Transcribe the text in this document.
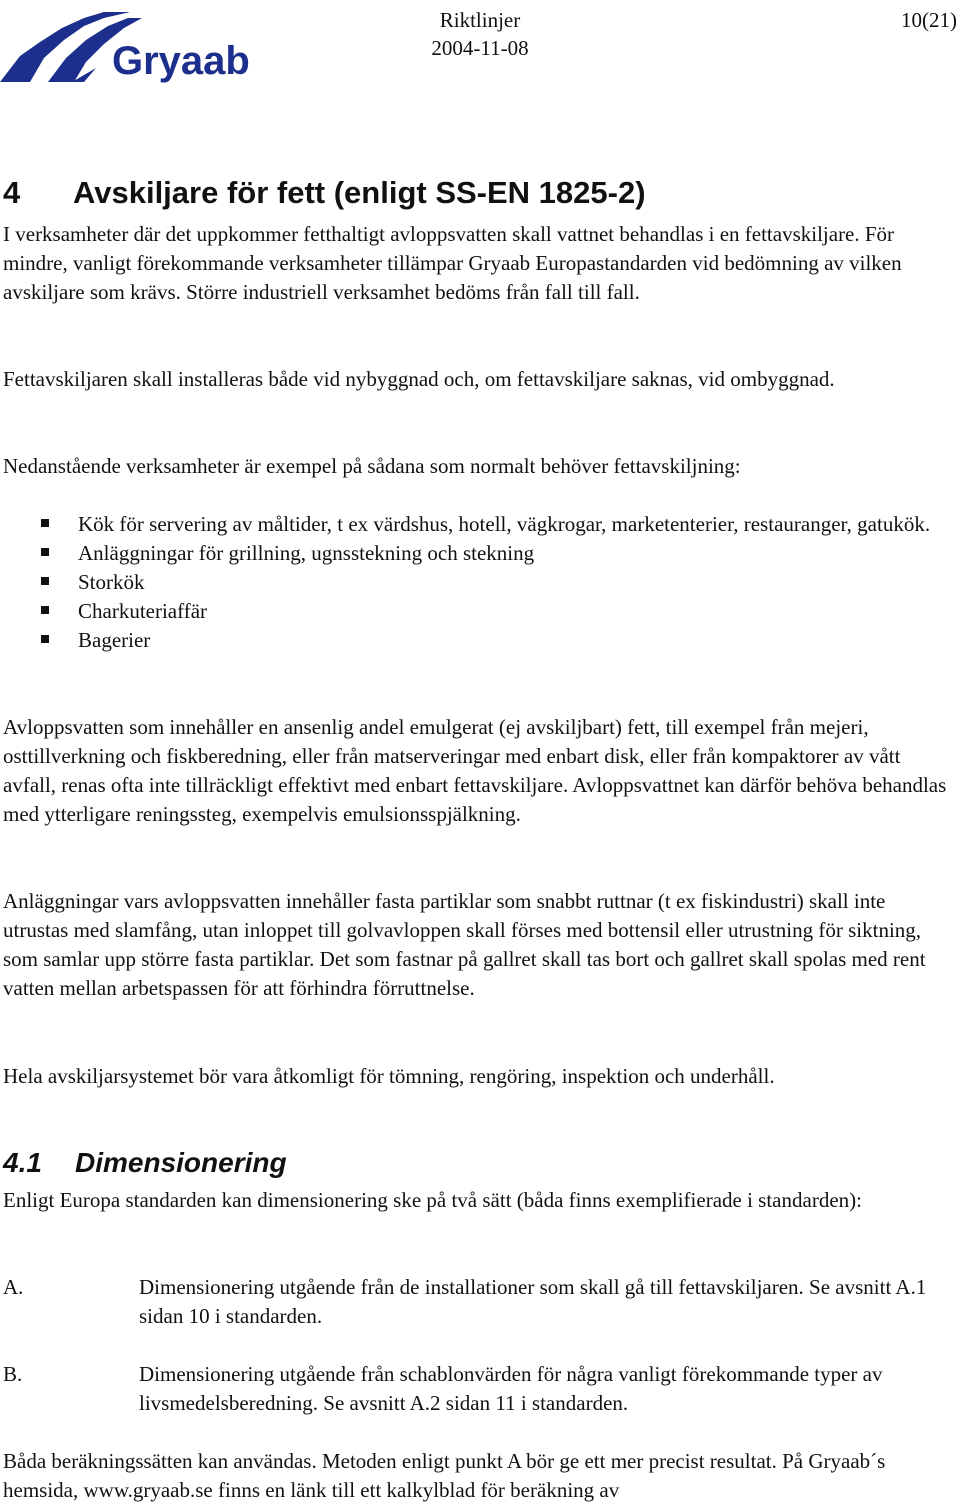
Gryaab
Riktlinjer
2004-11-08
10(21)
4 Avskiljare för fett (enligt SS-EN 1825-2)

I verksamheter där det uppkommer fetthaltigt avloppsvatten skall vattnet behandlas i en fettavskiljare. För mindre, vanligt förekommande verksamheter tillämpar Gryaab Europastandarden vid bedömning av vilken avskiljare som krävs. Större industriell verksamhet bedöms från fall till fall.

Fettavskiljaren skall installeras både vid nybyggnad och, om fettavskiljare saknas, vid ombyggnad.

Nedanstående verksamheter är exempel på sådana som normalt behöver fettavskiljning:

Kök för servering av måltider, t ex värdshus, hotell, vägkrogar, marketenterier, restauranger, gatukök.
Anläggningar för grillning, ugnsstekning och stekning
Storkök
Charkuteriaffär
Bagerier

Avloppsvatten som innehåller en ansenlig andel emulgerat (ej avskiljbart) fett, till exempel från mejeri, osttillverkning och fiskberedning, eller från matserveringar med enbart disk, eller från kompaktorer av vått avfall, renas ofta inte tillräckligt effektivt med enbart fettavskiljare. Avloppsvattnet kan därför behöva behandlas med ytterligare reningssteg, exempelvis emulsionsspjälkning.

Anläggningar vars avloppsvatten innehåller fasta partiklar som snabbt ruttnar (t ex fiskindustri) skall inte utrustas med slamfång, utan inloppet till golvavloppen skall förses med bottensil eller utrustning för siktning, som samlar upp större fasta partiklar. Det som fastnar på gallret skall tas bort och gallret skall spolas med rent vatten mellan arbetspassen för att förhindra förruttnelse.

Hela avskiljarsystemet bör vara åtkomligt för tömning, rengöring, inspektion och underhåll.

4.1 Dimensionering

Enligt Europa standarden kan dimensionering ske på två sätt (båda finns exemplifierade i standarden):

A.	Dimensionering utgående från de installationer som skall gå till fettavskiljaren. Se avsnitt A.1 sidan 10 i standarden.
B.	Dimensionering utgående från schablonvärden för några vanligt förekommande typer av livsmedelsberedning. Se avsnitt A.2 sidan 11 i standarden.

Båda beräkningssätten kan användas. Metoden enligt punkt A bör ge ett mer precist resultat. På Gryaab´s hemsida, www.gryaab.se finns en länk till ett kalkylblad för beräkning av
